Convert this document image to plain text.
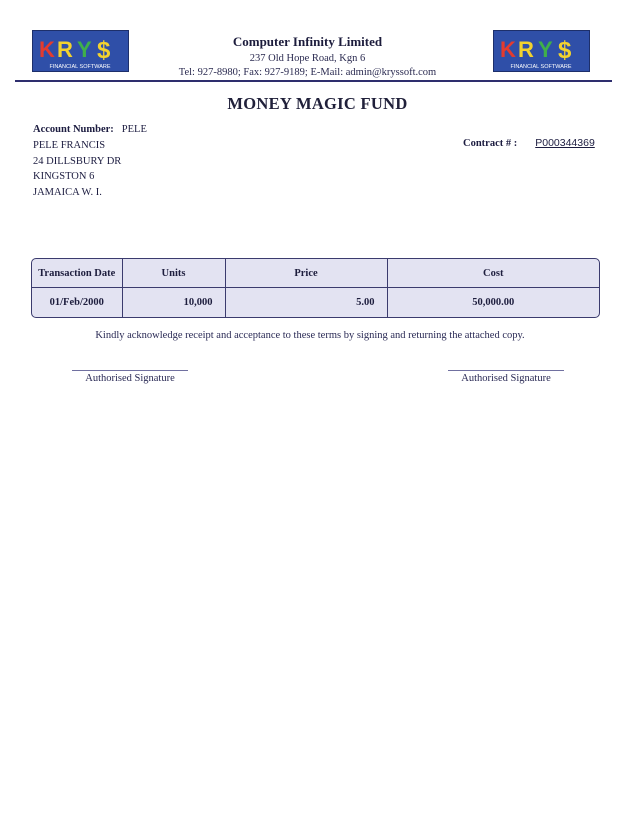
K R Y $
FINANCIAL SOFTWARE
Computer Infinity Limited
237 Old Hope Road, Kgn 6
Tel: 927-8980; Fax: 927-9189; E-Mail: admin@kryssoft.com
K R Y $
FINANCIAL SOFTWARE
MONEY MAGIC FUND
Account Number: PELE
PELE FRANCIS
24 DILLSBURY DR
KINGSTON 6
JAMAICA W. I.
Contract # : P000344369
Transaction Date	Units	Price	Cost
01/Feb/2000	10,000	5.00	50,000.00
Kindly acknowledge receipt and acceptance to these terms by signing and returning the attached copy.
Authorised Signature	Authorised Signature
